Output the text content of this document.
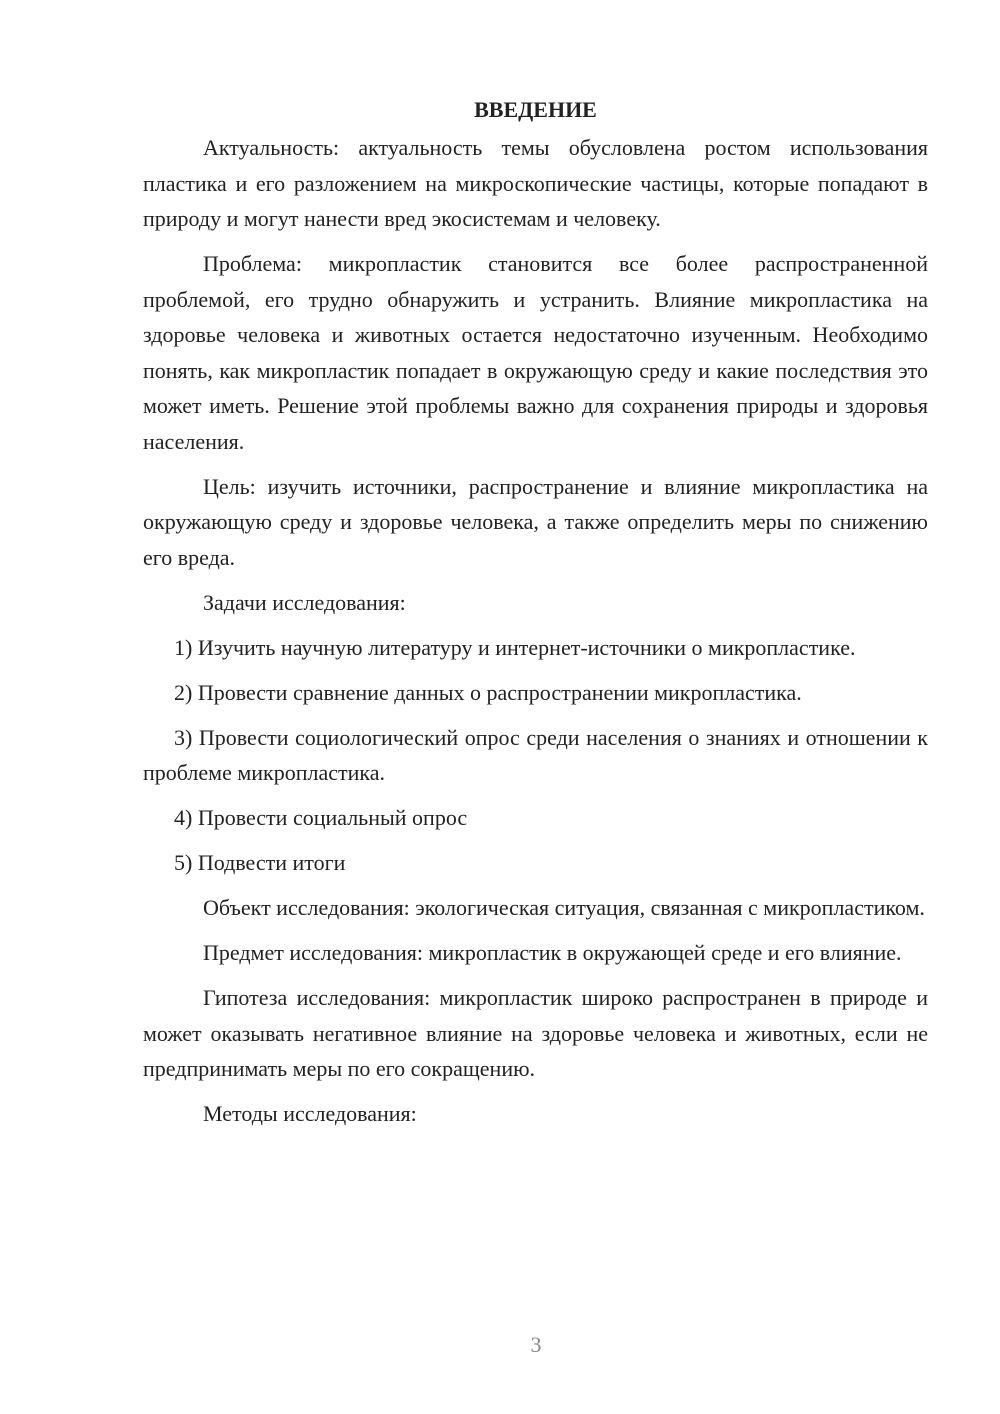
ВВЕДЕНИЕ

Актуальность: актуальность темы обусловлена ростом использования пластика и его разложением на микроскопические частицы, которые попадают в природу и могут нанести вред экосистемам и человеку.

Проблема: микропластик становится все более распространенной проблемой, его трудно обнаружить и устранить. Влияние микропластика на здоровье человека и животных остается недостаточно изученным. Необходимо понять, как микропластик попадает в окружающую среду и какие последствия это может иметь. Решение этой проблемы важно для сохранения природы и здоровья населения.

Цель: изучить источники, распространение и влияние микропластика на окружающую среду и здоровье человека, а также определить меры по снижению его вреда.

Задачи исследования:

1) Изучить научную литературу и интернет-источники о микропластике.

2) Провести сравнение данных о распространении микропластика.

3) Провести социологический опрос среди населения о знаниях и отношении к проблеме микропластика.

4) Провести социальный опрос

5) Подвести итоги

Объект исследования: экологическая ситуация, связанная с микропластиком.

Предмет исследования: микропластик в окружающей среде и его влияние.

Гипотеза исследования: микропластик широко распространен в природе и может оказывать негативное влияние на здоровье человека и животных, если не предпринимать меры по его сокращению.

Методы исследования:

3
